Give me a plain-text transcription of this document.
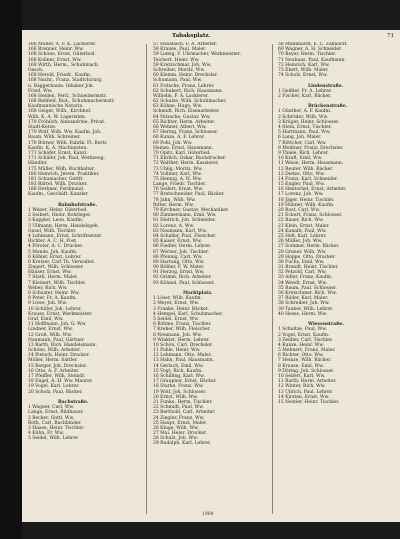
Tabaksplatz.	71
166 Müller, A. F. K. Lackierer.
166 Brenner, Heinr. Ww.
168 Schöne, Ernst, Güterbod.
168 Kollner, Ernst, Ww.
168 Wirth, Herm., Schuhmach.
Gesch.
168 Herold, Friedr., Kaufm.
168 Nachr., Franz, Stadtchirurg.
u. Baggerbaum. Inhaber Joh.
Fried. Ww.
168 Heiden, Ferd., Schneidermstr.
168 Rehfeld, Rud., Schuhmachermstr.
Kaufmannische Notarin.
168 Geiger, Wilh., Kirchhof.
Wilh. K. A. W. Lageristen.
170 Fröhlich, Alexandrine, Privat.
Stadt-Kerze.
170 Wolf, Wilh. Ww. Kaufm. Joh.
Baum. Wilh. Schreiner.
170 Börner, Wilh. Fabrik. Fl. Bertr.
Kaufm. K. A. Machinisten.
171 Schäfer, Ernst, Kanzl.
171 Schäfer, Joh. Paul, Werkzeug.
Händler.
175 Müller, Wilh. Buchhalter.
180 Heinrich, Jerem. Praktiker.
181 Schumacher, Gottfr.
183 Bärtel, Wilh. Drucker.
186 Herkner, Ferdinand.
Kaufm., Geschäft. Kanzler.
Bahnhofstraße.
1 Weber, Heinr. Güterbod.
2 Seibert, Heinr. Rohrleger.
3 Kappler, Leon. Kaufm.
3 Ullmann, Herm. Handelsgeh.
Gusel, Wilh. Tischler.
4 Lehmann, Ernst, Schriftsetzer.
Richter, A. C. H. Post.
4 Förster, A. C. Drucker.
5 Mende, Joh. Kaufm.
6 Köhler, Ernst, Lehrer.
6 Kretzer, Carl Th. Verwalter.
Ziegert, Wilh. Schlosser.
Häuser, Ernst, Ww.
7 Stark, Herm. Maler.
7 Kleinert, Wilh. Tischler.
Weber, Rich. Ww.
8 Schuster, Heinr. Ww.
8 Peter, Fr. A. Kaufm.
9 Löwe, Joh. Ww.
10 Schiller, Joh. Lehrer.
Krause, Ernst, Werkmeister.
Graf, Emil, Ww.
11 Hoffmann, Joh. G. Ww.
Lindner, Ernst, Ww.
12 Groß, Wilh. Ww.
Naumann, Paul, Gärtner.
13 Barth, Rich. Handelsmann.
Schöne, Wilh. Arbeiter.
14 Pietsch, Heinr. Drucker.
Möller, Herm. Sattler.
15 Berger, Joh. Drechsler.
16 Otto, A. F. Arbeiter.
17 Pfeiffer, Wilh. Steindr.
18 Engel, A. H. Ww. Maurer.
19 Vogel, Karl, Lehrer.
20 Scholz, Paul, Bäcker.
Bachstraße.
1 Wagner, Carl, Ww.
Lange, Ernst, Bildhauer.
2 Becker, Gottl. Ww.
Roth, Carl, Buchbinder.
3 Haase, Heinr. Tischler.
4 Kühn, Fr. Ww.
5 Seidel, Wilh. Lehrer.
57 Hausbach, F. A. Arbeiter.
58 Krause, Paul, Maler.
59 Liebig, F. Uhrmacher, Werkmeister.
Teichert, Heinr. Ww.
59 Kretzschmar, Joh. Ww.
Schreiber, Moritz, Ww.
60 Klemm, Heinr. Drechsler.
Schumann, Paul, Ww.
61 Fritsche, Franz, Lehrer.
62 Schubert, Rich. Hausmann.
Wilhelm, F. A. Lackierer.
62 Schulze, Wilh. Schuhmacher.
63 Kühne, Hugo, Ww.
Schmidt, Rich. Eisenarbeiter.
64 Nitzsche, Gustav, Ww.
65 Richter, Herm. Arbeiter.
66 Wehner, Albert, Ww.
67 Hering, Franz, Schlosser.
68 Kunze, A. F. Lehrer.
69 Pohl, Joh. Ww.
Heinze, Ernst, Hausmann.
70 Opitz, Karl, Güterbod.
71 Ehrlich, Oskar, Buchdrucker.
72 Walther, Herm. Kassierer.
73 Uhlig, Moritz, Ww.
74 Vollmer, Karl, Ww.
75 Hennig, A. H. Ww.
Lange, Friedr. Tischler.
76 Seifert, Ernst, Ww.
77 Bretschneider, Paul, Bäcker.
78 Jahn, Wilh. Ww.
Ritter, Herm. Ww.
79 Kirchner, Gustav, Mechaniker.
80 Zimmermann, Emil, Ww.
81 Dietrich, Joh. Schneider.
82 Lorenz, A. Ww.
83 Naumann, Karl, Ww.
84 Schaller, Paul, Fleischer.
85 Kaiser, Ernst, Ww.
86 Fiedler, Herm. Lehrer.
87 Werner, Joh. Tischler.
88 Pfennig, Carl, Ww.
89 Hartung, Otto, Ww.
90 Rößler, F. W. Maler.
91 Herzog, Ernst, Ww.
92 Grimm, Rich. Arbeiter.
93 Kühnel, Paul, Schlosser.
Marktplatz.
1 Löser, Wilh. Kaufm.
2 Meyer, Ernst, Ww.
3 Franke, Heinr. Bäcker.
4 Hempel, Karl, Schuhmacher.
5 Seidel, Ernst, Ww.
6 Böhme, Franz, Tischler.
7 Kreher, Wilh. Fleischer.
8 Neumann, Joh. Ww.
9 Winkler, Herm. Lehrer.
10 Schön, Carl, Drechsler.
11 Pohle, Heinr. Ww.
12 Lehmann, Otto, Maler.
13 Hahn, Paul, Hausmann.
14 Gerlach, Emil, Ww.
15 Vogt, Rich. Kaufm.
16 Schilling, Karl, Ww.
17 Graupner, Ernst, Bäcker.
18 Starke, Franz, Ww.
19 Wolf, Joh. Schlosser.
20 Ernst, Wilh. Ww.
21 Funke, Herm. Tischler.
22 Schmidt, Paul, Ww.
23 Berthold, Carl, Arbeiter.
24 Ziegler, Franz, Ww.
25 Haupt, Ernst, Maler.
26 Kluge, Wilh. Ww.
27 Mai, Heinr. Drucker.
28 Schulz, Joh. Ww.
29 Rudolph, Karl, Lehrer.
58 Mannhardt, E. C. Zahnarzt.
60 Wagner, A. H. Schneider.
70 Beyer, Herm. Tischler.
71 Neuhaus, Paul, Kaufmann.
72 Heinrich, Karl, Ww.
73 Ebert, Wilh. Maler.
74 Scholz, Ernst, Ww.
Lindenstraße.
1 Geißler, Fr. A. Lehrer.
2 Fischer, Karl, Bäcker.
Brückenstraße.
1 Günther, A. F. Kaufm.
2 Schröder, Wilh. Ww.
3 Krüger, Heinr. Schlosser.
4 Stein, Ernst, Tischler.
5 Hartmann, Paul, Ww.
6 Lang, Joh. Maler.
7 Böttcher, Carl, Ww.
8 Meißner, Franz, Drechsler.
9 Thiele, Rich. Lehrer.
10 Kraft, Emil, Ww.
11 Weise, Herm. Hausmann.
12 Reuter, Wilh. Bäcker.
13 Dietze, Otto, Ww.
14 Franz, Karl, Schneider.
15 Engler, Paul, Ww.
16 Hentschel, Ernst, Arbeiter.
17 Lorenz, Joh. Ww.
18 Jäger, Heinr. Tischler.
19 Hübner, Wilh. Kaufm.
20 Rost, Carl, Ww.
21 Eckert, Franz, Schlosser.
22 Bauer, Rich. Ww.
23 Klein, Ernst, Maler.
24 Kunath, Paul, Ww.
25 Heß, Karl, Lehrer.
26 Müller, Joh. Ww.
27 Sommer, Herm. Bäcker.
28 Gruner, Wilh. Ww.
29 Hoppe, Otto, Drucker.
30 Fuchs, Emil, Ww.
31 Brandt, Heinr. Tischler.
32 Petzold, Carl, Ww.
33 Adler, Franz, Kaufm.
34 Wendt, Ernst, Ww.
35 Baum, Paul, Schlosser.
36 Kretschmer, Rich. Ww.
37 Röder, Karl, Maler.
38 Schreiber, Joh. Ww.
39 Tauber, Wilh. Lehrer.
40 Hesse, Herm. Ww.
Wiesenstraße.
1 Schultze, Paul, Ww.
2 Vogel, Ernst, Kaufm.
3 Zeidler, Carl, Tischler.
4 Kunze, Heinr. Ww.
5 Mehnert, Franz, Maler.
6 Richter, Otto, Ww.
7 Heinze, Wilh. Bäcker.
8 Krause, Emil, Ww.
9 Döring, Joh. Schlosser.
10 Seifert, Karl, Ww.
11 Barth, Herm. Arbeiter.
12 Winter, Rich. Ww.
13 Ullrich, Paul, Lehrer.
14 Kirsten, Ernst, Ww.
15 Nestler, Heinr. Tischler.
1909
